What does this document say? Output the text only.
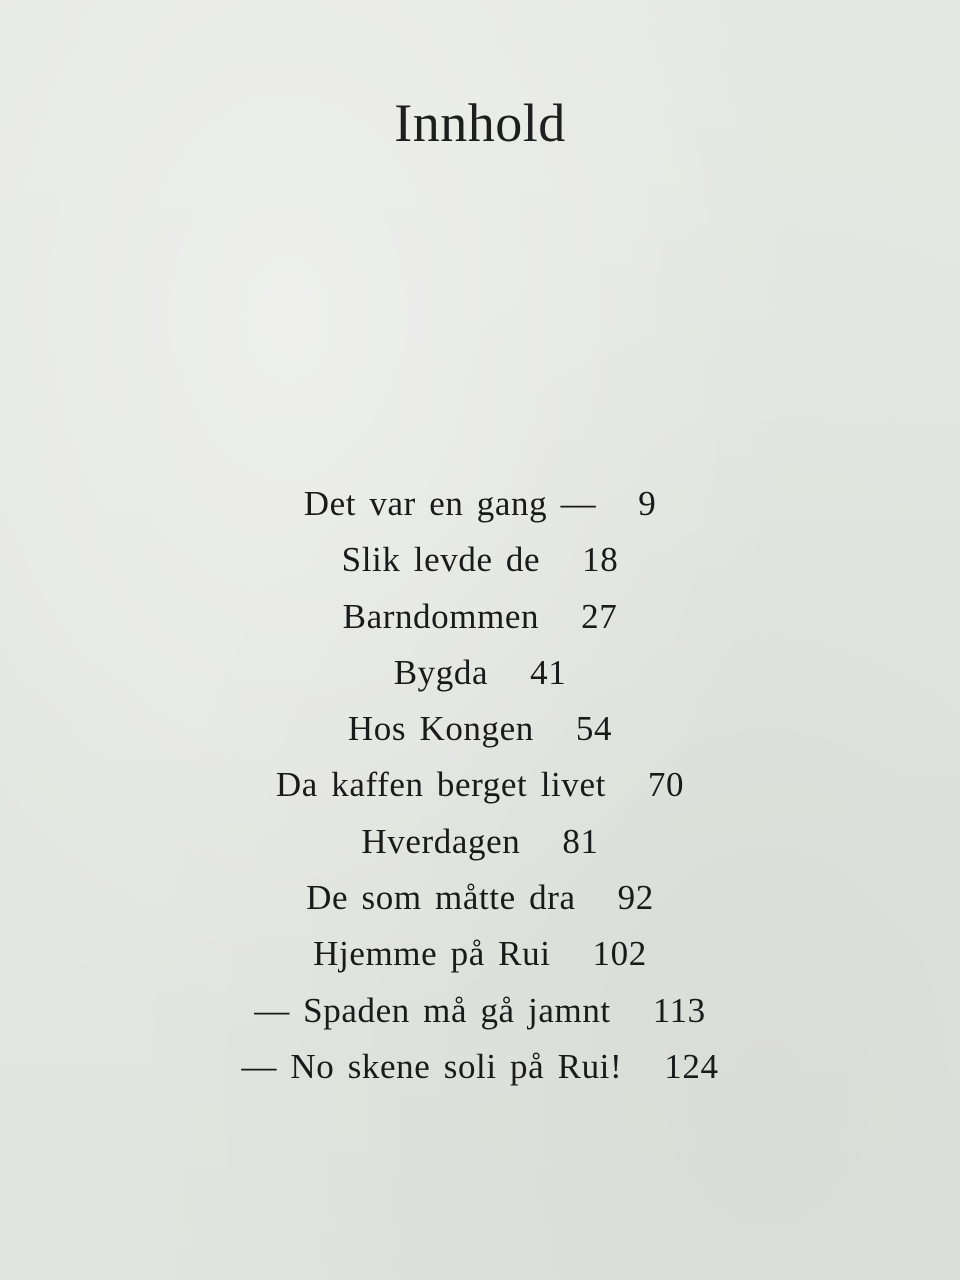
Innhold
Det var en gang — 9
Slik levde de 18
Barndommen 27
Bygda 41
Hos Kongen 54
Da kaffen berget livet 70
Hverdagen 81
De som måtte dra 92
Hjemme på Rui 102
— Spaden må gå jamnt 113
— No skene soli på Rui! 124
